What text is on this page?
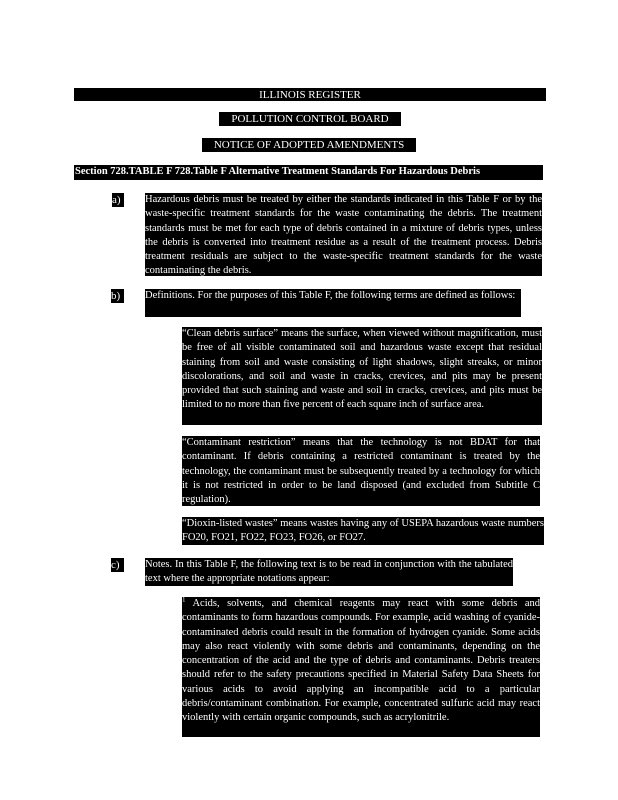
ILLINOIS REGISTER
POLLUTION CONTROL BOARD
NOTICE OF ADOPTED AMENDMENTS
Section 728.TABLE F 728.Table F Alternative Treatment Standards For Hazardous Debris
a)	Hazardous debris must be treated by either the standards indicated in this Table F or by the waste-specific treatment standards for the waste contaminating the debris. The treatment standards must be met for each type of debris contained in a mixture of debris types, unless the debris is converted into treatment residue as a result of the treatment process. Debris treatment residuals are subject to the waste-specific treatment standards for the waste contaminating the debris.
b)	Definitions. For the purposes of this Table F, the following terms are defined as follows:
“Clean debris surface” means the surface, when viewed without magnification, must be free of all visible contaminated soil and hazardous waste except that residual staining from soil and waste consisting of light shadows, slight streaks, or minor discolorations, and soil and waste in cracks, crevices, and pits may be present provided that such staining and waste and soil in cracks, crevices, and pits must be limited to no more than five percent of each square inch of surface area.
“Contaminant restriction” means that the technology is not BDAT for that contaminant. If debris containing a restricted contaminant is treated by the technology, the contaminant must be subsequently treated by a technology for which it is not restricted in order to be land disposed (and excluded from Subtitle C regulation).
“Dioxin-listed wastes” means wastes having any of USEPA hazardous waste numbers FO20, FO21, FO22, FO23, FO26, or FO27.
c)	Notes. In this Table F, the following text is to be read in conjunction with the tabulated text where the appropriate notations appear:
$^1$ Acids, solvents, and chemical reagents may react with some debris and contaminants to form hazardous compounds. For example, acid washing of cyanide-contaminated debris could result in the formation of hydrogen cyanide. Some acids may also react violently with some debris and contaminants, depending on the concentration of the acid and the type of debris and contaminants. Debris treaters should refer to the safety precautions specified in Material Safety Data Sheets for various acids to avoid applying an incompatible acid to a particular debris/contaminant combination. For example, concentrated sulfuric acid may react violently with certain organic compounds, such as acrylonitrile.
